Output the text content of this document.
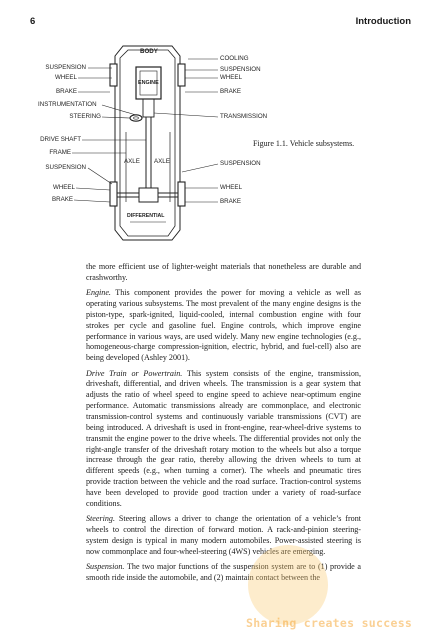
6	Introduction
BODY
ENGINE
AXLE AXLE
DIFFERENTIAL
SUSPENSION
WHEEL
BRAKE
INSTRUMENTATION
STEERING
DRIVE SHAFT
FRAME
SUSPENSION
WHEEL
BRAKE
COOLING
SUSPENSION
WHEEL
BRAKE
TRANSMISSION
SUSPENSION
WHEEL
BRAKE
Figure 1.1. Vehicle subsystems.

the more efficient use of lighter-weight materials that nonetheless are durable and crashworthy.

Engine. This component provides the power for moving a vehicle as well as operating various subsystems. The most prevalent of the many engine designs is the piston-type, spark-ignited, liquid-cooled, internal combustion engine with four strokes per cycle and gasoline fuel. Engine controls, which improve engine performance in various ways, are used widely. Many new engine technologies (e.g., homogeneous-charge compression-ignition, electric, hybrid, and fuel-cell) also are being developed (Ashley 2001).

Drive Train or Powertrain. This system consists of the engine, transmission, driveshaft, differential, and driven wheels. The transmission is a gear system that adjusts the ratio of wheel speed to engine speed to achieve near-optimum engine performance. Automatic transmissions already are commonplace, and electronic transmission-control systems and continuously variable transmissions (CVT) are being introduced. A driveshaft is used in front-engine, rear-wheel-drive systems to transmit the engine power to the drive wheels. The differential provides not only the right-angle transfer of the driveshaft rotary motion to the wheels but also a torque increase through the gear ratio, thereby allowing the driven wheels to turn at different speeds (e.g., when turning a corner). The wheels and pneumatic tires provide traction between the vehicle and the road surface. Traction-control systems have been developed to provide good traction under a variety of road-surface conditions.

Steering. Steering allows a driver to change the orientation of a vehicle’s front wheels to control the direction of forward motion. A rack-and-pinion steering-system design is typical in many modern automobiles. Power-assisted steering is now commonplace and four-wheel-steering (4WS) vehicles are emerging.

Suspension. The two major functions of the suspension system are to (1) provide a smooth ride inside the automobile, and (2) maintain contact between the

Sharing creates success
